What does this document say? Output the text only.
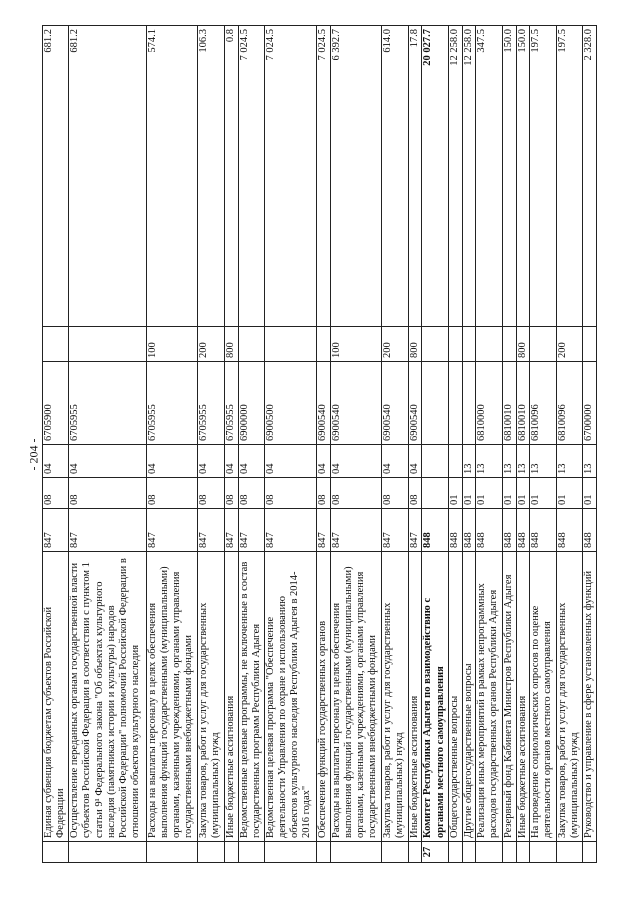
- 204 -
	Единая субвенция бюджетам субъектов Российской Федерации	847	08	04	6705900		681.2
	Осуществление переданных органам государственной власти субъектов Российской Федерации в соответствии с пунктом 1 статьи 9¹ Федерального закона "Об объектах культурного наследия (памятниках истории и культуры) народов Российской Федерации" полномочий Российской Федерации в отношении объектов культурного наследия	847	08	04	6705955		681.2
	Расходы на выплаты персоналу в целях обеспечения выполнения функций государственными (муниципальными) органами, казенными учреждениями, органами управления государственными внебюджетными фондами	847	08	04	6705955	100	574.1
	Закупка товаров, работ и услуг для государственных (муниципальных) нужд	847	08	04	6705955	200	106.3
	Иные бюджетные ассигнования	847	08	04	6705955	800	0.8
	Ведомственные целевые программы, не включенные в состав государственных программ Республики Адыгея	847	08	04	6900000		7 024.5
	Ведомственная целевая программа "Обеспечение деятельности Управления по охране и использованию объектов культурного наследия Республики Адыгея в 2014-2016 годах"	847	08	04	6900500		7 024.5
	Обеспечение функций государственных органов	847	08	04	6900540		7 024.5
	Расходы на выплаты персоналу в целях обеспечения выполнения функций государственными (муниципальными) органами, казенными учреждениями, органами управления государственными внебюджетными фондами	847	08	04	6900540	100	6 392.7
	Закупка товаров, работ и услуг для государственных (муниципальных) нужд	847	08	04	6900540	200	614.0
	Иные бюджетные ассигнования	847	08	04	6900540	800	17.8
27	Комитет Республики Адыгея по взаимодействию с органами местного самоуправления	848					20 027.7
	Общегосударственные вопросы	848	01				12 258.0
	Другие общегосударственные вопросы	848	01	13			12 258.0
	Реализация иных мероприятий в рамках непрограммных расходов государственных органов Республики Адыгея	848	01	13	6810000		347.5
	Резервный фонд Кабинета Министров Республики Адыгея	848	01	13	6810010		150.0
	Иные бюджетные ассигнования	848	01	13	6810010	800	150.0
	На проведение социологических опросов по оценке деятельности органов местного самоуправления	848	01	13	6810096		197.5
	Закупка товаров, работ и услуг для государственных (муниципальных) нужд	848	01	13	6810096	200	197.5
	Руководство и управление в сфере установленных функций	848	01	13	6700000		2 328.0
